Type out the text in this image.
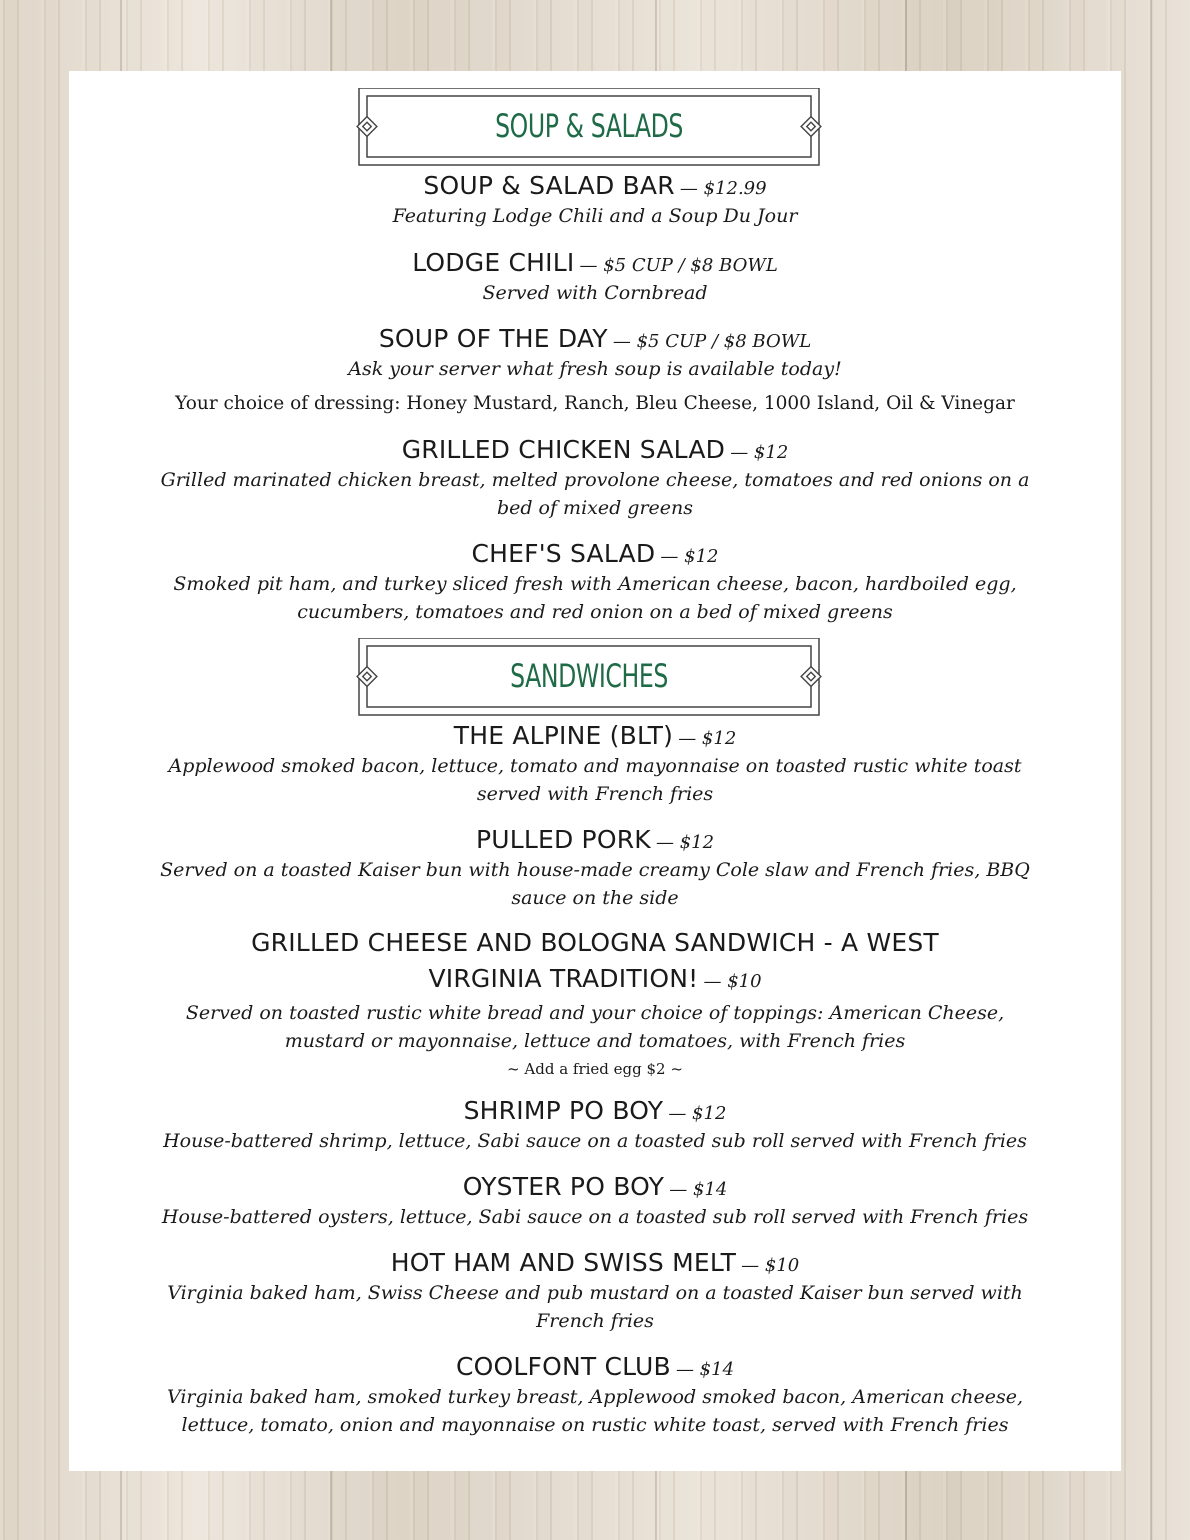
SOUP & SALADS
SOUP & SALAD BAR — $12.99
Featuring Lodge Chili and a Soup Du Jour
LODGE CHILI — $5 CUP / $8 BOWL
Served with Cornbread
SOUP OF THE DAY — $5 CUP / $8 BOWL
Ask your server what fresh soup is available today!
Your choice of dressing: Honey Mustard, Ranch, Bleu Cheese, 1000 Island, Oil & Vinegar
GRILLED CHICKEN SALAD — $12
Grilled marinated chicken breast, melted provolone cheese, tomatoes and red onions on a bed of mixed greens
CHEF'S SALAD — $12
Smoked pit ham, and turkey sliced fresh with American cheese, bacon, hardboiled egg, cucumbers, tomatoes and red onion on a bed of mixed greens
SANDWICHES
THE ALPINE (BLT) — $12
Applewood smoked bacon, lettuce, tomato and mayonnaise on toasted rustic white toast served with French fries
PULLED PORK — $12
Served on a toasted Kaiser bun with house-made creamy Cole slaw and French fries, BBQ sauce on the side
GRILLED CHEESE AND BOLOGNA SANDWICH - A WEST VIRGINIA TRADITION! — $10
Served on toasted rustic white bread and your choice of toppings: American Cheese, mustard or mayonnaise, lettuce and tomatoes, with French fries
~ Add a fried egg $2 ~
SHRIMP PO BOY — $12
House-battered shrimp, lettuce, Sabi sauce on a toasted sub roll served with French fries
OYSTER PO BOY — $14
House-battered oysters, lettuce, Sabi sauce on a toasted sub roll served with French fries
HOT HAM AND SWISS MELT — $10
Virginia baked ham, Swiss Cheese and pub mustard on a toasted Kaiser bun served with French fries
COOLFONT CLUB — $14
Virginia baked ham, smoked turkey breast, Applewood smoked bacon, American cheese, lettuce, tomato, onion and mayonnaise on rustic white toast, served with French fries
